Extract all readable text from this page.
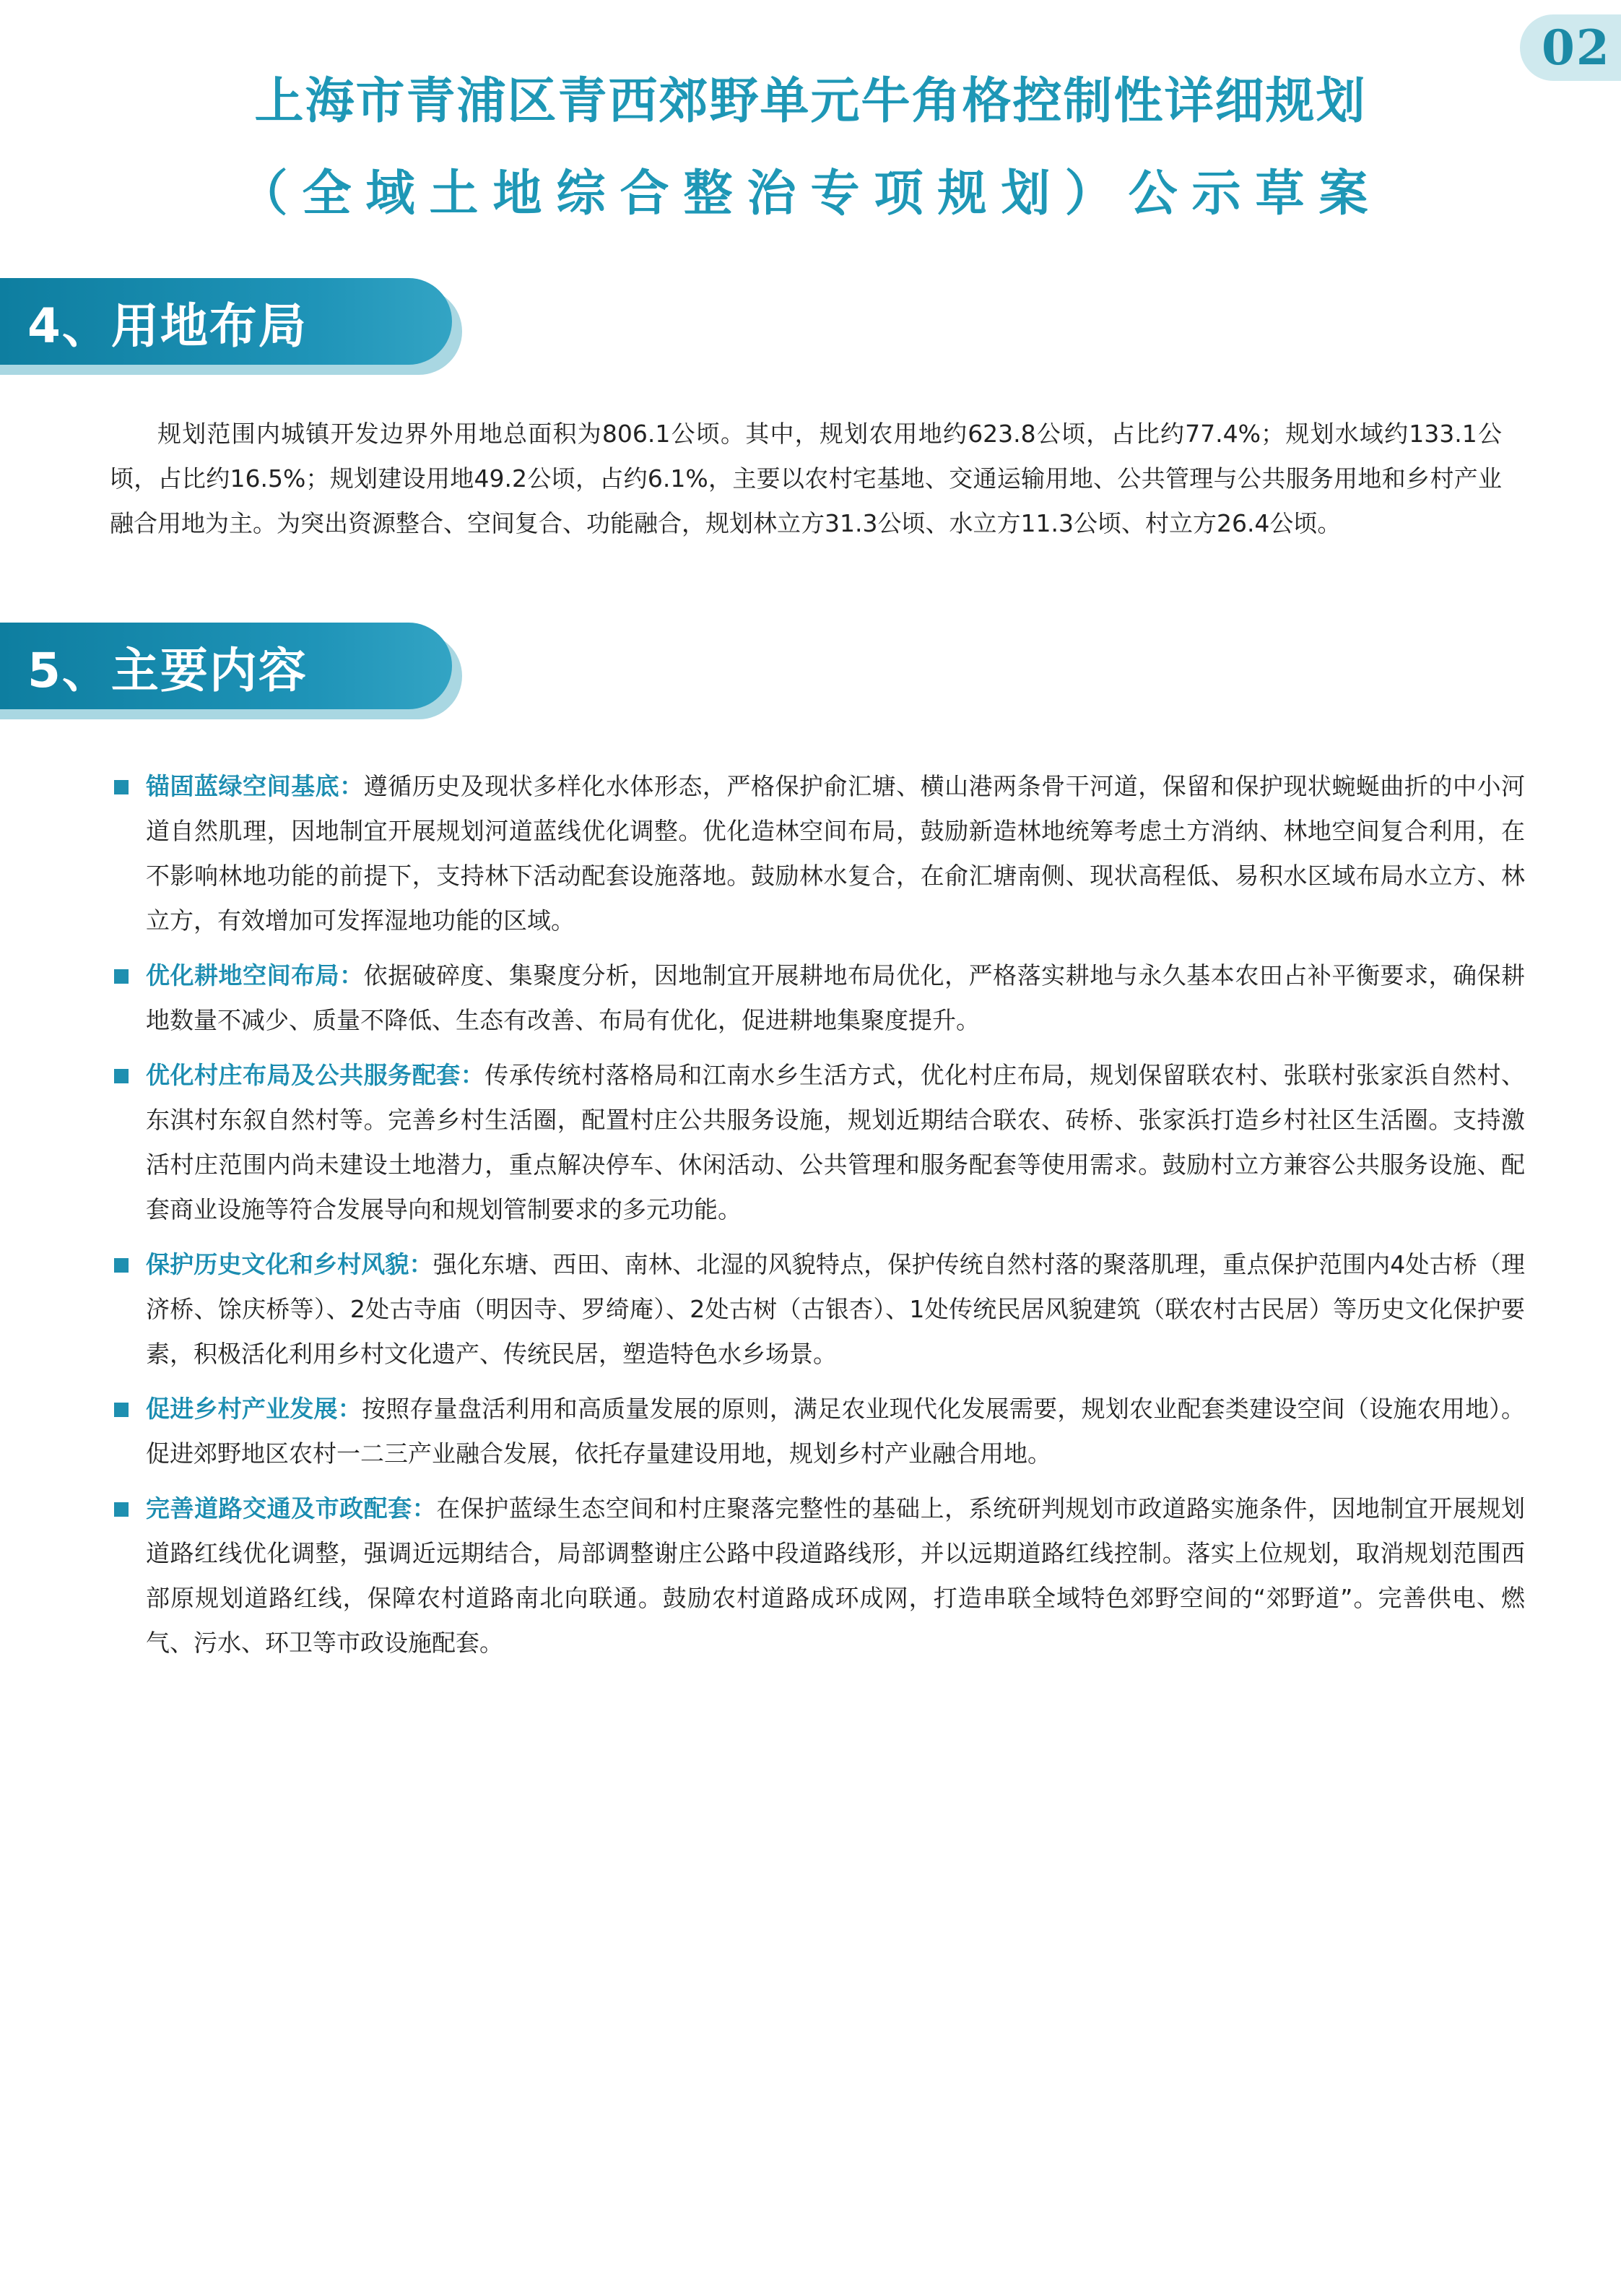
02
上海市青浦区青西郊野单元牛角格控制性详细规划
（全域土地综合整治专项规划）公示草案
4、用地布局
规划范围内城镇开发边界外用地总面积为806.1公顷。其中，规划农用地约623.8公顷，占比约77.4%；规划水域约133.1公顷，占比约16.5%；规划建设用地49.2公顷，占约6.1%，主要以农村宅基地、交通运输用地、公共管理与公共服务用地和乡村产业融合用地为主。为突出资源整合、空间复合、功能融合，规划林立方31.3公顷、水立方11.3公顷、村立方26.4公顷。
5、主要内容
锚固蓝绿空间基底：遵循历史及现状多样化水体形态，严格保护俞汇塘、横山港两条骨干河道，保留和保护现状蜿蜒曲折的中小河道自然肌理，因地制宜开展规划河道蓝线优化调整。优化造林空间布局，鼓励新造林地统筹考虑土方消纳、林地空间复合利用，在不影响林地功能的前提下，支持林下活动配套设施落地。鼓励林水复合，在俞汇塘南侧、现状高程低、易积水区域布局水立方、林立方，有效增加可发挥湿地功能的区域。
优化耕地空间布局：依据破碎度、集聚度分析，因地制宜开展耕地布局优化，严格落实耕地与永久基本农田占补平衡要求，确保耕地数量不减少、质量不降低、生态有改善、布局有优化，促进耕地集聚度提升。
优化村庄布局及公共服务配套：传承传统村落格局和江南水乡生活方式，优化村庄布局，规划保留联农村、张联村张家浜自然村、东淇村东叙自然村等。完善乡村生活圈，配置村庄公共服务设施，规划近期结合联农、砖桥、张家浜打造乡村社区生活圈。支持激活村庄范围内尚未建设土地潜力，重点解决停车、休闲活动、公共管理和服务配套等使用需求。鼓励村立方兼容公共服务设施、配套商业设施等符合发展导向和规划管制要求的多元功能。
保护历史文化和乡村风貌：强化东塘、西田、南林、北湿的风貌特点，保护传统自然村落的聚落肌理，重点保护范围内4处古桥（理济桥、馀庆桥等）、2处古寺庙（明因寺、罗绮庵）、2处古树（古银杏）、1处传统民居风貌建筑（联农村古民居）等历史文化保护要素，积极活化利用乡村文化遗产、传统民居，塑造特色水乡场景。
促进乡村产业发展：按照存量盘活利用和高质量发展的原则，满足农业现代化发展需要，规划农业配套类建设空间（设施农用地）。促进郊野地区农村一二三产业融合发展，依托存量建设用地，规划乡村产业融合用地。
完善道路交通及市政配套：在保护蓝绿生态空间和村庄聚落完整性的基础上，系统研判规划市政道路实施条件，因地制宜开展规划道路红线优化调整，强调近远期结合，局部调整谢庄公路中段道路线形，并以远期道路红线控制。落实上位规划，取消规划范围西部原规划道路红线，保障农村道路南北向联通。鼓励农村道路成环成网，打造串联全域特色郊野空间的“郊野道”。完善供电、燃气、污水、环卫等市政设施配套。
